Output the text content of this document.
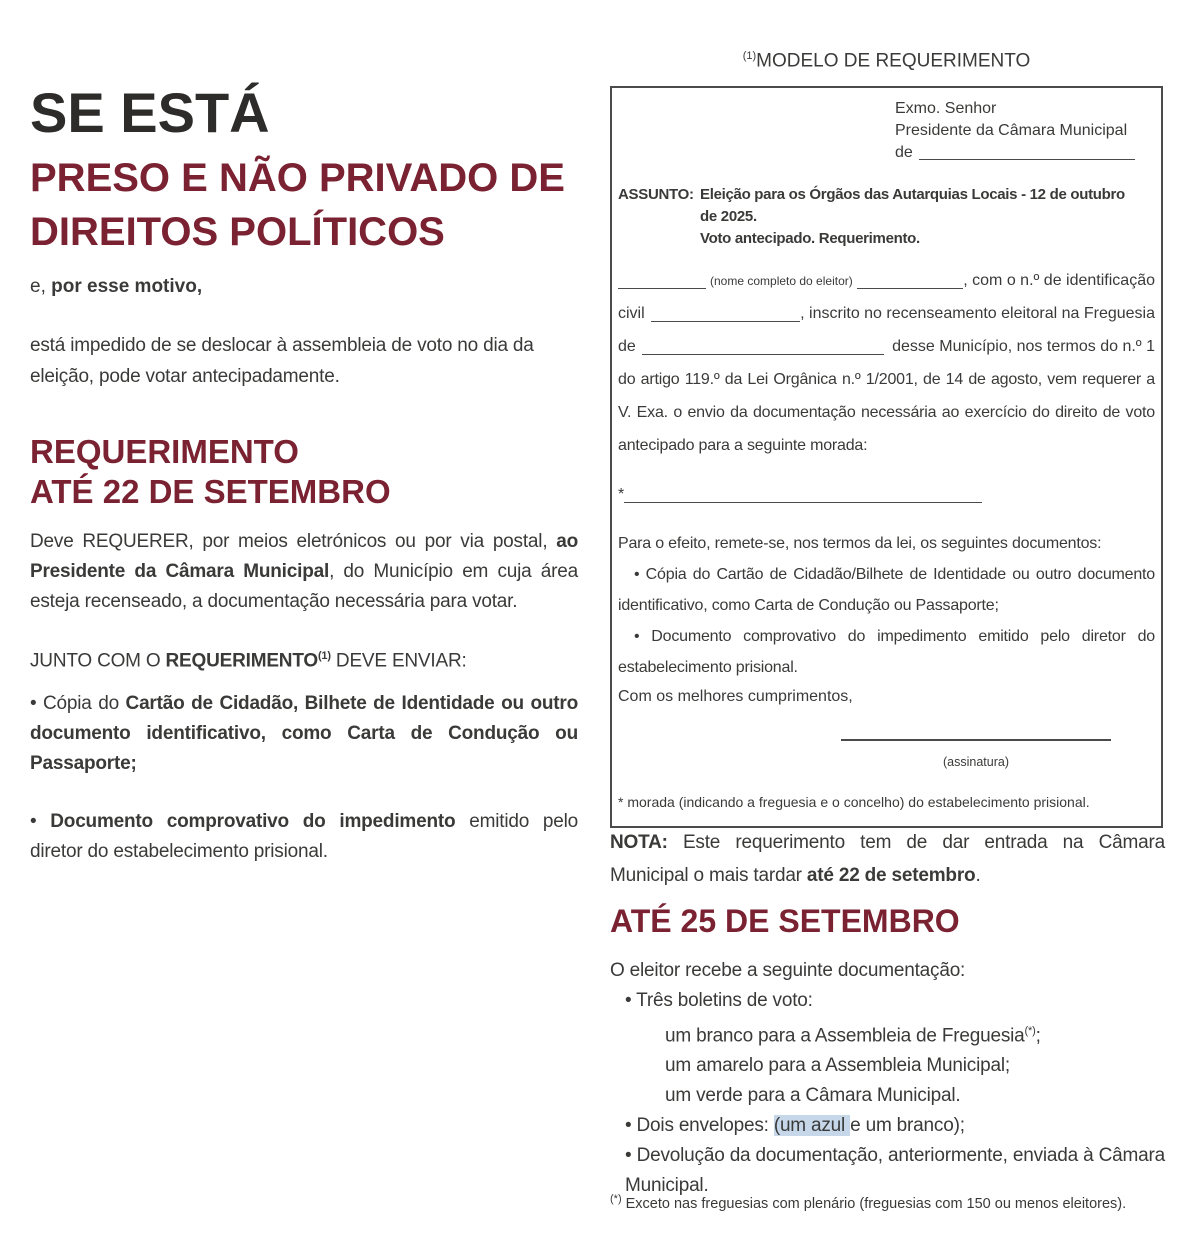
SE ESTÁ
PRESO E NÃO PRIVADO DE
DIREITOS POLÍTICOS
e, por esse motivo,
está impedido de se deslocar à assembleia de voto no dia da eleição, pode votar antecipadamente.
REQUERIMENTO
ATÉ 22 DE SETEMBRO
Deve REQUERER, por meios eletrónicos ou por via postal, ao Presidente da Câmara Municipal, do Município em cuja área esteja recenseado, a documentação necessária para votar.
JUNTO COM O REQUERIMENTO$^{(1)}$ DEVE ENVIAR:
• Cópia do Cartão de Cidadão, Bilhete de Identidade ou outro documento identificativo, como Carta de Condução ou Passaporte;
• Documento comprovativo do impedimento emitido pelo diretor do estabelecimento prisional.
$^{(1)}$MODELO DE REQUERIMENTO
Exmo. Senhor
Presidente da Câmara Municipal
de
ASSUNTO: Eleição para os Órgãos das Autarquias Locais - 12 de outubro
de 2025.
Voto antecipado. Requerimento.
(nome completo do eleitor)	, com o n.º de identificação
civil	, inscrito no recenseamento eleitoral na Freguesia
de	desse Município, nos termos do n.º 1
do artigo 119.º da Lei Orgânica n.º 1/2001, de 14 de agosto, vem requerer a V. Exa. o envio da documentação necessária ao exercício do direito de voto antecipado para a seguinte morada:
*
Para o efeito, remete-se, nos termos da lei, os seguintes documentos:
• Cópia do Cartão de Cidadão/Bilhete de Identidade ou outro documento identificativo, como Carta de Condução ou Passaporte;
• Documento comprovativo do impedimento emitido pelo diretor do estabelecimento prisional.
Com os melhores cumprimentos,
(assinatura)
* morada (indicando a freguesia e o concelho) do estabelecimento prisional.
NOTA: Este requerimento tem de dar entrada na Câmara Municipal o mais tardar até 22 de setembro.
ATÉ 25 DE SETEMBRO
O eleitor recebe a seguinte documentação:
• Três boletins de voto:
um branco para a Assembleia de Freguesia(*);
um amarelo para a Assembleia Municipal;
um verde para a Câmara Municipal.
• Dois envelopes: (um azul e um branco);
• Devolução da documentação, anteriormente, enviada à Câmara Municipal.
(*) Exceto nas freguesias com plenário (freguesias com 150 ou menos eleitores).
